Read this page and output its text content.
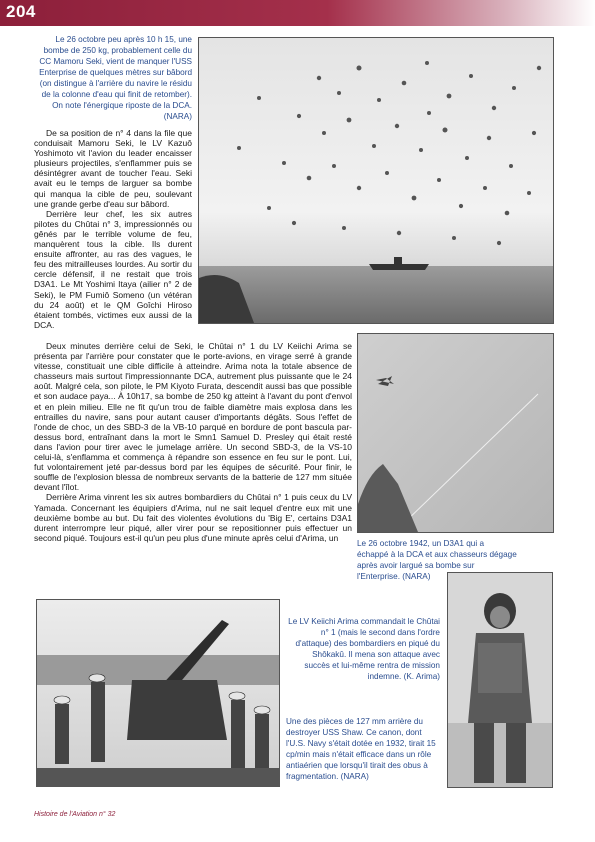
204
Le 26 octobre peu après 10 h 15, une bombe de 250 kg, probablement celle du CC Mamoru Seki, vient de manquer l'USS Enterprise de quelques mètres sur bâbord (on distingue à l'arrière du navire le résidu de la colonne d'eau qui finit de retomber). On note l'énergique riposte de la DCA. (NARA)

De sa position de n° 4 dans la file que conduisait Mamoru Seki, le LV Kazuô Yoshimoto vit l'avion du leader encaisser plusieurs projectiles, s'enflammer puis se désintégrer avant de toucher l'eau. Seki avait eu le temps de larguer sa bombe qui manqua la cible de peu, soulevant une grande gerbe d'eau sur bâbord.

Derrière leur chef, les six autres pilotes du Chûtai n° 3, impressionnés ou gênés par le terrible volume de feu, manquèrent tous la cible. Ils durent ensuite affronter, au ras des vagues, le feu des mitrailleuses lourdes. Au sortir du cercle défensif, il ne restait que trois D3A1. Le Mt Yoshimi Itaya (ailier n° 2 de Seki), le PM Fumiô Someno (un vétéran du 24 août) et le QM Goîchi Hiroso étaient tombés, victimes eux aussi de la DCA.

Deux minutes derrière celui de Seki, le Chûtai n° 1 du LV Keiichi Arima se présenta par l'arrière pour constater que le porte-avions, en virage serré à grande vitesse, constituait une cible difficile à atteindre. Arima nota la totale absence de chasseurs mais surtout l'impressionnante DCA, autrement plus puissante que le 24 août. Malgré cela, son pilote, le PM Kiyoto Furata, descendit aussi bas que possible et son audace paya... À 10h17, sa bombe de 250 kg atteint à l'avant du pont d'envol et en plein milieu. Elle ne fit qu'un trou de faible diamètre mais explosa dans les entrailles du navire, sans pour autant causer d'importants dégâts. Sous l'effet de l'onde de choc, un des SBD-3 de la VB-10 parqué en bordure de pont bascula par-dessus bord, entraînant dans la mort le Smn1 Samuel D. Presley qui était resté dans l'avion pour tirer avec le jumelage arrière. Un second SBD-3, de la VS-10 celui-là, s'enflamma et commença à répandre son essence en feu sur le pont. Lui, fut volontairement jeté par-dessus bord par les équipes de sécurité. Pour finir, le souffle de l'explosion blessa de nombreux servants de la batterie de 127 mm située devant l'îlot.

Derrière Arima vinrent les six autres bombardiers du Chûtai n° 1 puis ceux du LV Yamada. Concernant les équipiers d'Arima, nul ne sait lequel d'entre eux mit une deuxième bombe au but. Du fait des violentes évolutions du 'Big E', certains D3A1 durent interrompre leur piqué, aller virer pour se repositionner puis effectuer un second piqué. Toujours est-il qu'un peu plus d'une minute après celui d'Arima, un

Le 26 octobre 1942, un D3A1 qui a échappé à la DCA et aux chasseurs dégage après avoir largué sa bombe sur l'Enterprise. (NARA)
Le LV Keiichi Arima commandait le Chûtai n° 1 (mais le second dans l'ordre d'attaque) des bombardiers en piqué du Shôkakû. Il mena son attaque avec succès et lui-même rentra de mission indemne. (K. Arima)
Une des pièces de 127 mm arrière du destroyer USS Shaw. Ce canon, dont l'U.S. Navy s'était dotée en 1932, tirait 15 cp/min mais n'était efficace dans un rôle antiaérien que lorsqu'il tirait des obus à fragmentation. (NARA)
Histoire de l'Aviation n° 32
